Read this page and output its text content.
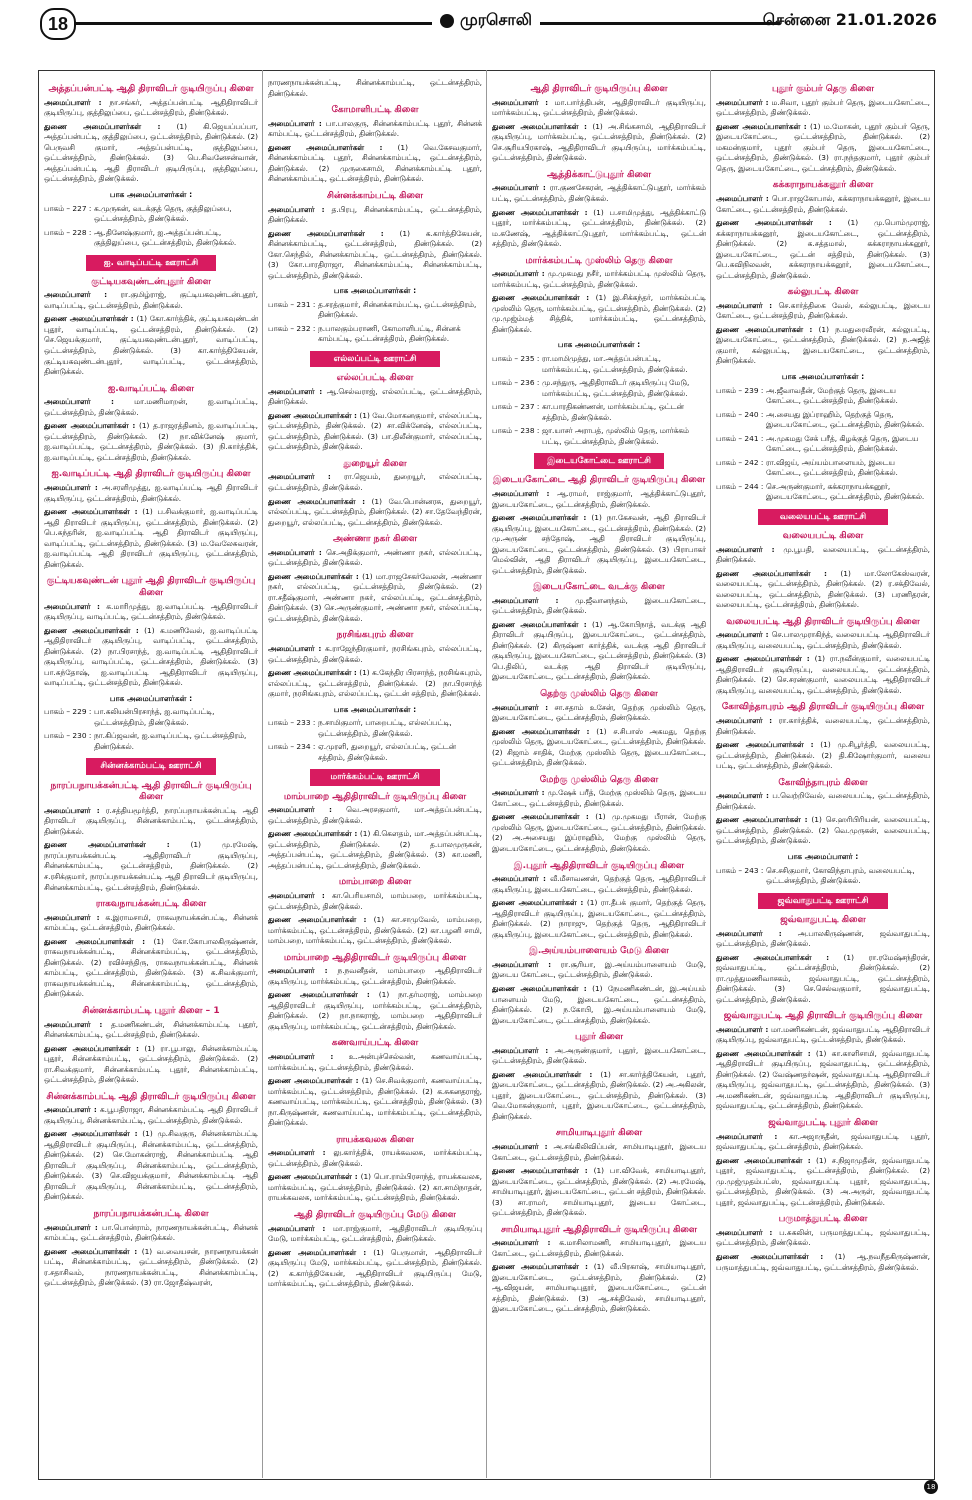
18	முரசொலி	சென்னை 21.01.2026
அத்தப்பன்பட்டி ஆதி திராவிடர் குடியிருப்பு கிளை

அமைப்பாளர் : நா.சங்கர், அத்தப்பன்பட்டி ஆதிதிராவிடர் குடியிருப்பு, குத்திலுப்பை, ஒட்டன்சத்திரம், திண்டுக்கல்.

துணை அமைப்பாளர்கள் : (1) கி.ஜெயப்பப்பா, அத்தப்பன்பட்டி, குத்திலுப்பை, ஒட்டன்சத்திரம், திண்டுக்கல். (2) பெருவசி குமார், அத்தப்பன்பட்டி, குத்திலுப்பை, ஒட்டன்சத்திரம், திண்டுக்கல். (3) பெ.சிவனேசன்வான், அத்தப்பன்பட்டி ஆதி திராவிடர் குடியிருப்பு, குத்திலுப்பை, ஒட்டன்சத்திரம், திண்டுக்கல்.

பாக அமைப்பாளர்கள் :
பாகம் – 227 : க.முருகன், வடக்குத் தெரு, குத்திலுப்பை, ஒட்டன்சத்திரம், திண்டுக்கல்.
பாகம் – 228 : ஆ.தினேஷ்குமார், ஐ.அத்தப்பன்பட்டி, குத்திலுப்பை, ஒட்டன்சத்திரம், திண்டுக்கல்.
ஐ. வாடிப்பட்டி ஊராட்சி
குட்டியகவுண்டன்புதூர் கிளை

அமைப்பாளர் : ரா.குமிழ்ராஜ், குட்டியகவுண்டன்புதூர், வாடிப்பட்டி, ஒட்டன்சத்திரம், திண்டுக்கல்.

துணை அமைப்பாளர்கள் : (1) கோ.கார்த்திக், குட்டியகவுண்டன் புதூர், வாடிப்பட்டி, ஒட்டன்சத்திரம், திண்டுக்கல். (2) செ.ஜெயக்குமார், குட்டியகவுண்டன்புதூர், வாடிப்பட்டி, ஒட்டன்சத்திரம், திண்டுக்கல். (3) கா.கார்த்திகேயன், குட்டியகவுண்டன்புதூர், வாடிப்பட்டி, ஒட்டன்சத்திரம், திண்டுக்கல்.

ஐ.வாடிப்பட்டி கிளை

அமைப்பாளர் :	மா.மணிமாறன், ஐ.வாடிப்பட்டி, ஒட்டன்சத்திரம், திண்டுக்கல்.

துணை அமைப்பாளர்கள் : (1) த.ராஜரத்தினம், ஐ.வாடிப்பட்டி, ஒட்டன்சத்திரம், திண்டுக்கல். (2) நா.விக்னேஷ் குமார், ஐ.வாடிப்பட்டி, ஒட்டன்சத்திரம், திண்டுக்கல். (3) நி.கார்த்திக், ஐ.வாடிப்பட்டி, ஒட்டன்சத்திரம், திண்டுக்கல்.

ஐ.வாடிப்பட்டி ஆதி திராவிடர் குடியிருப்பு கிளை

அமைப்பாளர் : அ.சரளிமுத்து, ஐ.வாடிப்பட்டி ஆதி திராவிடர் குடியிருப்பு, ஒட்டன்சத்திரம், திண்டுக்கல்.

துணை அமைப்பாளர்கள் : (1) ப.சிவக்குமார், ஐ.வாடிப்பட்டி ஆதி திராவிடர் குடியிருப்பு, ஒட்டன்சத்திரம், திண்டுக்கல். (2) பெ.சுந்தரின், ஐ.வாடிப்பட்டி ஆதி திராவிடர் குடியிருப்பு, வாடிப்பட்டி, ஒட்டன்சத்திரம், திண்டுக்கல். (3) ம.வேலேசுவரன், ஐ.வாடிப்பட்டி ஆதி திராவிடர் குடியிருப்பு, ஒட்டன்சத்திரம், திண்டுக்கல்.

குட்டியகவுண்டன் புதூர் ஆதி திராவிடர் குடியிருப்பு கிளை

அமைப்பாளர் : க.மாரிமுத்து, ஐ.வாடிப்பட்டி ஆதிதிராவிடர் குடியிருப்பு, வாடிப்பட்டி, ஒட்டன்சத்திரம், திண்டுக்கல்.

துணை அமைப்பாளர்கள் : (1) க.மணிவேல், ஐ.வாடிப்பட்டி ஆதிதிராவிடர் குடியிருப்பு, வாடிப்பட்டி, ஒட்டன்சத்திரம், திண்டுக்கல். (2) நா.பிரசாந்த், ஐ.வாடிப்பட்டி ஆதிதிராவிடர் குடியிருப்பு, வாடிப்பட்டி, ஒட்டன்சத்திரம், திண்டுக்கல். (3) பா.சுந்தோஷ், ஐ.வாடிப்பட்டி ஆதிதிராவிடர் குடியிருப்பு, வாடிப்பட்டி, ஒட்டன்சத்திரம், திண்டுக்கல்.

பாக அமைப்பாளர்கள் :
பாகம் – 229 : பா.கலியன்பிரசாந்த், ஐ.வாடிப்பட்டி, ஒட்டன்சத்திரம், திண்டுக்கல்.
பாகம் – 230 : நா.கிப்ஜவன், ஐ.வாடிப்பட்டி, ஒட்டன்சத்திரம், திண்டுக்கல்.
சின்னக்காம்பட்டி ஊராட்சி
நாரப்பநாயக்கன்பட்டி ஆதி திராவிடர் குடியிருப்பு கிளை

அமைப்பாளர் : ர.சத்தியமூர்த்தி, நாரப்பநாயக்கன்பட்டி ஆதி திராவிடர் குடியிருப்பு, சின்னக்காம்பட்டி, ஒட்டன்சத்திரம், திண்டுக்கல்.

துணை அமைப்பாளர்கள் :	(1) மு.ரமேஷ், நாரப்பநாயக்கன்பட்டி ஆதிதிராவிடர் குடியிருப்பு, சின்னக்காம்பட்டி, ஒட்டன்சத்திரம், திண்டுக்கல். (2) ச.ரசிக்குமார், நாரப்பநாயக்கன்பட்டி ஆதி திராவிடர் குடியிருப்பு, சின்னக்காம்பட்டி, ஒட்டன்சத்திரம், திண்டுக்கல்.

ராகவநாயக்கன்பட்டி கிளை

அமைப்பாளர் : க.இராமசாமி, ராகவநாயக்கன்பட்டி, சின்னக் காம்பட்டி, ஒட்டன்சத்திரம், திண்டுக்கல்.

துணை அமைப்பாளர்கள் : (1) கோ.கோபாலகிருஷ்ணன், ராகவநாயக்கன்பட்டி, சின்னக்காம்பட்டி, ஒட்டன்சத்திரம், திண்டுக்கல். (2) ரவிச்சந்திரு, ராகவநாயக்கன்பட்டி, சின்னக் காம்பட்டி, ஒட்டன்சத்திரம், திண்டுக்கல். (3) க.சிவக்குமார், ராகவநாயக்கன்பட்டி, சின்னக்காம்பட்டி, ஒட்டன்சத்திரம், திண்டுக்கல்.

சின்னக்காம்பட்டி புதூர் கிளை – 1

அமைப்பாளர் : த.மணிகண்டன், சின்னக்காம்பட்டி புதூர், சின்னக்காம்பட்டி, ஒட்டன்சத்திரம், திண்டுக்கல்.

துணை அமைப்பாளர்கள் : (1) ரா.பூபாலு, சின்னக்காம்பட்டி புதூர், சின்னக்காம்பட்டி, ஒட்டன்சத்திரம், திண்டுக்கல். (2) ரா.சிவக்குமார், சின்னக்காம்பட்டி புதூர், சின்னக்காம்பட்டி, ஒட்டன்சத்திரம், திண்டுக்கல்.

சின்னக்காம்பட்டி ஆதி திராவிடர் குடியிருப்பு கிளை

அமைப்பாளர் : க.பூபதிராஜா, சின்னக்காம்பட்டி ஆதி திராவிடர் குடியிருப்பு, சின்னக்காம்பட்டி, ஒட்டன்சத்திரம், திண்டுக்கல்.

துணை அமைப்பாளர்கள் : (1) மு.சிவகுரு, சின்னக்காம்பட்டி ஆதிதிராவிடர் குடியிருப்பு, சின்னக்காம்பட்டி, ஒட்டன்சத்திரம், திண்டுக்கல். (2) செ.மோகன்ராஜ், சின்னக்காம்பட்டி ஆதி திராவிடர் குடியிருப்பு, சின்னக்காம்பட்டி, ஒட்டன்சத்திரம், திண்டுக்கல். (3) செ.விஜயக்குமார், சின்னக்காம்பட்டி ஆதி திராவிடர் குடியிருப்பு, சின்னக்காம்பட்டி, ஒட்டன்சத்திரம், திண்டுக்கல்.

நாரப்பநாயக்கன்பட்டி கிளை

அமைப்பாளர் : பா.பொன்ராம், நாரணநாயக்கன்பட்டி, சின்னக் காம்பட்டி, ஒட்டன்சத்திரம், திண்டுக்கல்.

துணை அமைப்பாளர்கள் : (1) வ.வையசன், நாரணநாயக்கன் பட்டி, சின்னக்காம்பட்டி, ஒட்டன்சத்திரம், திண்டுக்கல். (2) ர.சதாசிவம், நாரணநாயக்கன்பட்டி, சின்னக்காம்பட்டி, ஒட்டன்சத்திரம், திண்டுக்கல். (3) ரா.ஜோதீஷ்வரன்,

நாரணநாயக்கன்பட்டி, சின்னக்காம்பட்டி, ஒட்டன்சத்திரம், திண்டுக்கல்.

கோமாளிபட்டி கிளை

அமைப்பாளர் : பா.பாலகுரு, சின்னக்காம்பட்டி புதூர், சின்னக் காம்பட்டி, ஒட்டன்சத்திரம், திண்டுக்கல்.

துணை அமைப்பாளர்கள் : (1) வெ.கேசவகுமார், சின்னக்காம்பட்டி புதூர், சின்னக்காம்பட்டி, ஒட்டன்சத்திரம், திண்டுக்கல். (2) முருகைசாமி, சின்னக்காம்பட்டி புதூர், சின்னக்காம்பட்டி, ஒட்டன்சத்திரம், திண்டுக்கல்.

சின்னக்காம்பட்டி கிளை

அமைப்பாளர் : த.பிரபு, சின்னக்காம்பட்டி, ஒட்டன்சத்திரம், திண்டுக்கல்.

துணை அமைப்பாளர்கள் : (1) க.கார்த்திகேயன், சின்னக்காம்பட்டி, ஒட்டன்சத்திரம், திண்டுக்கல். (2) கோ.செந்தில், சின்னக்காம்பட்டி, ஒட்டன்சத்திரம், திண்டுக்கல். (3) கோ.பாரதிராஜா, சின்னக்காம்பட்டி, சின்னக்காம்பட்டி, ஒட்டன்சத்திரம், திண்டுக்கல்.

பாக அமைப்பாளர்கள் :
பாகம் – 231 : த.சரத்குமார், சின்னக்காம்பட்டி, ஒட்டன்சத்திரம், திண்டுக்கல்.
பாகம் – 232 : ந.பாலகும்பராணி, கோமாளிபட்டி, சின்னக் காம்பட்டி, ஒட்டன்சத்திரம், திண்டுக்கல்.
எல்லப்பட்டி ஊராட்சி
எல்லப்பட்டி கிளை

அமைப்பாளர் : ஆ.செல்வராஜ், எல்லப்பட்டி, ஒட்டன்சத்திரம், திண்டுக்கல்.

துணை அமைப்பாளர்கள் : (1) வே.மோகனகுமார், எல்லப்பட்டி, ஒட்டன்சத்திரம், திண்டுக்கல். (2) சா.விக்னேஷ், எல்லப்பட்டி, ஒட்டன்சத்திரம், திண்டுக்கல். (3) பா.திலீன்குமார், எல்லப்பட்டி, ஒட்டன்சத்திரம், திண்டுக்கல்.

துறையூர் கிளை

அமைப்பாளர் : ரா.ஜெயம், துறையூர், எல்லப்பட்டி, ஒட்டன்சத்திரம், திண்டுக்கல்.

துணை அமைப்பாளர்கள் : (1) வே.பொன்னரசு, துறையூர், எல்லப்பட்டி, ஒட்டன்சத்திரம், திண்டுக்கல். (2) சா.தேவேந்திரன், துறையூர், எல்லப்பட்டி, ஒட்டன்சத்திரம், திண்டுக்கல்.

அண்ணா நகர் கிளை

அமைப்பாளர் : செ.அதிக்குமார், அண்ணா நகர், எல்லப்பட்டி, ஒட்டன்சத்திரம், திண்டுக்கல்.

துணை அமைப்பாளர்கள் : (1) மா.ராஜசேகர்வேலன், அண்ணா நகர், எல்லப்பட்டி, ஒட்டன்சத்திரம், திண்டுக்கல். (2) ரா.சதீஷ்குமார், அண்ணா நகர், எல்லப்பட்டி, ஒட்டன்சத்திரம், திண்டுக்கல். (3) செ.அருண்குமார், அண்ணா நகர், எல்லப்பட்டி, ஒட்டன்சத்திரம், திண்டுக்கல்.

நரசிங்கபுரம் கிளை

அமைப்பாளர் : க.ராஜேந்திரகுமார், நரசிங்கபுரம், எல்லப்பட்டி, ஒட்டன்சத்திரம், திண்டுக்கல்.

துணை அமைப்பாளர்கள் : (1) க.கேந்திர பிரசாந்த், நரசிங்கபுரம், எல்லப்பட்டி, ஒட்டன்சத்திரம், திண்டுக்கல். (2) நா.பிரசாந்த் குமார், நரசிங்கபுரம், எல்லப்பட்டி, ஒட்டன் சத்திரம், திண்டுக்கல்.

பாக அமைப்பாளர்கள் :
பாகம் – 233 : ந.சாமிகுமார், பாறைபட்டி, எல்லப்பட்டி, ஒட்டன்சத்திரம், திண்டுக்கல்.
பாகம் – 234 : ஏ.முரளி, துறையூர், எல்லப்பட்டி, ஒட்டன் சத்திரம், திண்டுக்கல்.
மார்க்கம்பட்டி ஊராட்சி
மாம்பாறை ஆதிதிராவிடர் குடியிருப்பு கிளை

அமைப்பாளர் : வெ.அரசகுமார், மா.அத்தப்பன்பட்டி, ஒட்டன்சத்திரம், திண்டுக்கல்.

துணை அமைப்பாளர்கள் : (1) கி.கௌதம், மா.அத்தப்பன்பட்டி, ஒட்டன்சத்திரம், திண்டுக்கல். (2) த.பாலமுருகன், அத்தப்பன்பட்டி, ஒட்டன்சத்திரம், திண்டுக்கல். (3) கா.மணி, அத்தப்பன்பட்டி, ஒட்டன்சத்திரம், திண்டுக்கல்.

மாம்பாறை கிளை

அமைப்பாளர் : கா.பெரியசாமி, மாம்பறை, மார்க்கம்பட்டி, ஒட்டன்சத்திரம், திண்டுக்கல்.

துணை அமைப்பாளர்கள் : (1) கா.சாமுவேல், மாம்பறை, மார்க்கம்பட்டி, ஒட்டன்சத்திரம், திண்டுக்கல். (2) கா.பழனி சாமி, மாம்பறை, மார்க்கம்பட்டி, ஒட்டன்சத்திரம், திண்டுக்கல்.

மாம்பாறை ஆதிதிராவிடர் குடியிருப்பு கிளை

அமைப்பாளர் : ந.நவனீதன், மாம்பாறை ஆதிதிராவிடர் குடியிருப்பு, மார்க்கம்பட்டி, ஒட்டன்சத்திரம், திண்டுக்கல்.

துணை அமைப்பாளர்கள் : (1) நா.தர்மராஜ், மாம்பறை ஆதிதிராவிடர் குடியிருப்பு, மார்க்கம்பட்டி, ஒட்டன்சத்திரம், திண்டுக்கல். (2) நா.நாகராஜ், மாம்பறை ஆதிதிராவிடர் குடியிருப்பு, மார்க்கம்பட்டி, ஒட்டன்சத்திரம், திண்டுக்கல்.

கணவாய்பட்டி கிளை

அமைப்பாளர் : உ.அன்புச்செல்வன், கணவாய்பட்டி, மார்க்கம்பட்டி, ஒட்டன்சத்திரம், திண்டுக்கல்.

துணை அமைப்பாளர்கள் : (1) செ.சிவக்குமார், கணவாய்பட்டி, மார்க்கம்பட்டி, ஒட்டன்சத்திரம், திண்டுக்கல். (2) க.சுகனதராஜ், கணவாய்பட்டி, மார்க்கம்பட்டி, ஒட்டன்சத்திரம், திண்டுக்கல். (3) நா.கிருஷ்ணன், கணவாய்பட்டி, மார்க்கம்பட்டி, ஒட்டன்சத்திரம், திண்டுக்கல்.

ராயக்கவலசு கிளை

அமைப்பாளர் : லு.கார்த்திக், ராயக்கவலசு, மார்க்கம்பட்டி, ஒட்டன்சத்திரம், திண்டுக்கல்.

துணை அமைப்பாளர்கள் : (1) பொ.ராம்பிரசாந்த், ராயக்கவலசு, மார்க்கம்பட்டி, ஒட்டன்சத்திரம், திண்டுக்கல். (2) கா.சாமிநாதன், ராயக்கவலசு, மார்க்கம்பட்டி, ஒட்டன்சத்திரம், திண்டுக்கல்.

ஆதி திராவிடர் குடியிருப்பு மேடு கிளை

அமைப்பாளர் : மா.ராஜ்குமார், ஆதிதிராவிடர் குடியிருப்பு மேடு, மார்க்கம்பட்டி, ஒட்டன்சத்திரம், திண்டுக்கல்.

துணை அமைப்பாளர்கள் : (1) பெருமாள், ஆதிதிராவிடர் குடியிருப்பு மேடு, மார்க்கம்பட்டி, ஒட்டன்சத்திரம், திண்டுக்கல். (2) க.கார்த்திகேயன், ஆதிதிராவிடர் குடியிருப்பு மேடு, மார்க்கம்பட்டி, ஒட்டன்சத்திரம், திண்டுக்கல்.

ஆதி திராவிடர் குடியிருப்பு கிளை

அமைப்பாளர் : மா.பார்த்திபன், ஆதிதிராவிடர் குடியிருப்பு, மார்க்கம்பட்டி, ஒட்டன்சத்திரம், திண்டுக்கல்.

துணை அமைப்பாளர்கள் : (1) அ.சிங்கசாமி, ஆதிதிராவிடர் குடியிருப்பு, மார்க்கம்பட்டி, ஒட்டன்சத்திரம், திண்டுக்கல். (2) செ.சூரியபிரகாஷ், ஆதிதிராவிடர் குடியிருப்பு, மார்க்கம்பட்டி, ஒட்டன்சத்திரம், திண்டுக்கல்.

ஆத்திக்காட்டுபுதூர் கிளை

அமைப்பாளர் : ரா.குணசேகரன், ஆத்திக்காட்டுபுதூர், மார்க்கம் பட்டி, ஒட்டன்சத்திரம், திண்டுக்கல்.

துணை அமைப்பாளர்கள் : (1) ப.சாமிமுத்து, ஆத்திக்காட்டு புதூர், மார்க்கம்பட்டி, ஒட்டன்சத்திரம், திண்டுக்கல். (2) ம.கணேஷ், ஆத்திக்காட்டுபுதூர், மார்க்கம்பட்டி, ஒட்டன் சத்திரம், திண்டுக்கல்.

மார்க்கம்பட்டி முஸ்லிம் தெரு கிளை

அமைப்பாளர் : மு.முகமது நசீர், மார்க்கம்பட்டி முஸ்லிம் தெரு, மார்க்கம்பட்டி, ஒட்டன்சத்திரம், திண்டுக்கல்.

துணை அமைப்பாளர்கள் : (1) இ.சிக்கந்தர், மார்க்கம்பட்டி முஸ்லிம் தெரு, மார்க்கம்பட்டி, ஒட்டன்சத்திரம், திண்டுக்கல். (2) மு.முஜ்ம்மத் சித்திக், மார்க்கம்பட்டி, ஒட்டன்சத்திரம், திண்டுக்கல்.

பாக அமைப்பாளர்கள் :
பாகம் – 235 : ரா.மாமிமுத்து, மா.அத்தப்பன்பட்டி, மார்க்கம்பட்டி, ஒட்டன்சத்திரம், திண்டுக்கல்.
பாகம் – 236 : மு.சந்துரு, ஆதிதிராவிடர் குடியிருப்பு மேடு, மார்க்கம்பட்டி, ஒட்டன்சத்திரம், திண்டுக்கல்.
பாகம் – 237 : கா.பாரதிகண்ணன், மார்க்கம்பட்டி, ஒட்டன் சத்திரம், திண்டுக்கல்.
பாகம் – 238 : ஜா.யாசர் அராபத், முஸ்லிம் தெரு, மார்க்கம் பட்டி, ஒட்டன்சத்திரம், திண்டுக்கல்.
இடையகோட்டை ஊராட்சி
இடையகோட்டை ஆதி திராவிடர் குடியிருப்பு கிளை

அமைப்பாளர் : ஆ.ராமர், ராஜ்குமார், ஆத்திக்காட்டுபுதூர், இடையகோட்டை, ஒட்டன்சத்திரம், திண்டுக்கல்.

துணை அமைப்பாளர்கள் : (1) நா.கேசவன், ஆதி திராவிடர் குடியிருப்பு, இடையகோட்டை, ஒட்டன்சத்திரம், திண்டுக்கல். (2) மு.அருண் சந்தோஷ், ஆதி திராவிடர் குடியிருப்பு, இடையகோட்டை, ஒட்டன்சத்திரம், திண்டுக்கல். (3) பிராபாகர் மெல்வின், ஆதி திராவிடர் குடியிருப்பு, இடையகோட்டை, ஒட்டன்சத்திரம், திண்டுக்கல்.

இடையகோட்டை வடக்கு கிளை

அமைப்பாளர் : மு.ஜீவானந்தம், இடையகோட்டை, ஒட்டன்சத்திரம், திண்டுக்கல்.

துணை அமைப்பாளர்கள் : (1) ஆ.கோபிநாத், வடக்கு ஆதி திராவிடர் குடியிருப்பு, இடையகோட்டை, ஒட்டன்சத்திரம், திண்டுக்கல். (2) கிருஷ்ண கார்த்திக், வடக்கு ஆதி திராவிடர் குடியிருப்பு, இடையகோட்டை, ஒட்டன்சத்திரம், திண்டுக்கல். (3) பெ.திலிப், வடக்கு ஆதி திராவிடர் குடியிருப்பு, இடையகோட்டை, ஒட்டன்சத்திரம், திண்டுக்கல்.

தெற்கு முஸ்லிம் தெரு கிளை

அமைப்பாளர் : சா.சதாம் உசேன், தெற்கு முஸ்லிம் தெரு, இடையகோட்டை, ஒட்டன்சத்திரம், திண்டுக்கல்.

துணை அமைப்பாளர்கள் : (1) ச.சிபாஸ் அகமது, தெற்கு முஸ்லிம் தெரு, இடையகோட்டை, ஒட்டன்சத்திரம், திண்டுக்கல். (2) சிஜாம் சாதிக், மேற்கு முஸ்லிம் தெரு, இடையகோட்டை, ஒட்டன்சத்திரம், திண்டுக்கல்.

மேற்கு முஸ்லிம் தெரு கிளை

அமைப்பாளர் : மு.ஷேக் பரீத், மேற்கு முஸ்லிம் தெரு, இடைய கோட்டை, ஒட்டன்சத்திரம், திண்டுக்கல்.

துணை அமைப்பாளர்கள் : (1) மு.முகமது பீரான், மேற்கு முஸ்லிம் தெரு, இடையகோட்டை, ஒட்டன்சத்திரம், திண்டுக்கல். (2) அ.அசையது இப்ராஹிம், மேற்கு முஸ்லிம் தெரு, இடையகோட்டை, ஒட்டன்சத்திரம், திண்டுக்கல்.

இ.புதூர் ஆதிதிராவிடர் குடியிருப்பு கிளை

அமைப்பாளர் : வீ.மீசாவணன், தெற்குத் தெரு, ஆதிதிராவிடர் குடியிருப்பு, இடையகோட்டை, ஒட்டன்சத்திரம், திண்டுக்கல்.

துணை அமைப்பாளர்கள் : (1) ரா.தீபக் குமார், தெற்குத் தெரு, ஆதிதிராவிடர் குடியிருப்பு, இடையகோட்டை, ஒட்டன்சத்திரம், திண்டுக்கல். (2) நாராஜு, தெற்குத் தெரு, ஆதிதிராவிடர் குடியிருப்பு, இடையகோட்டை, ஒட்டன்சத்திரம், திண்டுக்கல்.

இ.அய்யம்பாளையம் மேடு கிளை

அமைப்பாளர் : ரா.சூரியா, இ.அய்யம்பாளையம் மேடு, இடைய கோட்டை, ஒட்டன்சத்திரம், திண்டுக்கல்.

துணை அமைப்பாளர்கள் : (1) நேமணிகண்டன், இ.அய்யம் பாளையம் மேடு, இடையகோட்டை, ஒட்டன்சத்திரம், திண்டுக்கல். (2) ந.கோபி, இ.அய்யம்பாளையம் மேடு, இடையகோட்டை, ஒட்டன்சத்திரம், திண்டுக்கல்.

புதூர் கிளை

அமைப்பாளர் : அ.அருண்குமார், புதூர், இடையகோட்டை, ஒட்டன்சத்திரம், திண்டுக்கல்.

துணை அமைப்பாளர்கள் : (1) சா.கார்த்திகேயன், புதூர், இடையகோட்டை, ஒட்டன்சத்திரம், திண்டுக்கல். (2) அ.அகிலன், புதூர், இடையகோட்டை, ஒட்டன்சத்திரம், திண்டுக்கல். (3) வெ.மோகன்குமார், புதூர், இடையகோட்டை, ஒட்டன்சத்திரம், திண்டுக்கல்.

சாமியாடிபுதூர் கிளை

அமைப்பாளர் : அ.சங்கிலிவிப்பன், சாமியாடிபுதூர், இடைய கோட்டை, ஒட்டன்சத்திரம், திண்டுக்கல்.

துணை அமைப்பாளர்கள் : (1) பா.விவேக், சாமியாடிபுதூர், இடையகோட்டை, ஒட்டன்சத்திரம், திண்டுக்கல். (2) அ.ரமேஷ், சாமியாடிபுதூர், இடையகோட்டை, ஒட்டன் சத்திரம், திண்டுக்கல். (3) சா.ராமர், சாமியாடிபுதூர், இடைய கோட்டை, ஒட்டன்சத்திரம், திண்டுக்கல்.

சாமியாடிபுதூர் ஆதிதிராவிடர் குடியிருப்பு கிளை

அமைப்பாளர் : க.மாசிலாமணி, சாமியாடிபுதூர், இடைய கோட்டை, ஒட்டன்சத்திரம், திண்டுக்கல்.

துணை அமைப்பாளர்கள் : (1) வீ.பிரகாஷ், சாமியாடிபுதூர், இடையகோட்டை, ஒட்டன்சத்திரம், திண்டுக்கல். (2) ஆ.விஜயன், சாமியாடிபுதூர், இடையகோட்டை, ஒட்டன் சத்திரம், திண்டுக்கல். (3) ஆ.சக்திவேல், சாமியாடிபுதூர், இடையகோட்டை, ஒட்டன்சத்திரம், திண்டுக்கல்.

புதூர் கும்பர் தெரு கிளை

அமைப்பாளர் : ம.சிவா, புதூர் கும்பர் தெரு, இடையகோட்டை, ஒட்டன்சத்திரம், திண்டுக்கல்.

துணை அமைப்பாளர்கள் : (1) ம.மோகன், புதூர் கும்பர் தெரு, இடையகோட்டை, ஒட்டன்சத்திரம், திண்டுக்கல். (2) மகமன்குமார், புதூர் கும்பர் தெரு, இடையகோட்டை, ஒட்டன்சத்திரம், திண்டுக்கல். (3) ரா.நந்தகுமார், புதூர் கும்பர் தெரு, இடையகோட்டை, ஒட்டன்சத்திரம், திண்டுக்கல்.

கக்கராநாயக்கனூர் கிளை

அமைப்பாளர் : பொ.ராஜகோபால், கக்கராநாயக்கனூர், இடைய கோட்டை, ஒட்டன்சத்திரம், திண்டுக்கல்.

துணை அமைப்பாளர்கள் : (1) மு.பொம்முராஜ், கக்கராநாயக்கனூர், இடையகோட்டை, ஒட்டன்சத்திரம், திண்டுக்கல். (2) க.சத்தமால், கக்கராநாயக்கனூர், இடையகோட்டை, ஒட்டன் சத்திரம், திண்டுக்கல். (3) பெ.கவிநிலவன், கக்கராநாயக்கனூர், இடையகோட்டை, ஒட்டன்சத்திரம், திண்டுக்கல்.

கல்லுபட்டி கிளை

அமைப்பாளர் : செ.கார்த்திகை வேல், கல்லுபட்டி, இடைய கோட்டை, ஒட்டன்சத்திரம், திண்டுக்கல்.

துணை அமைப்பாளர்கள் : (1) ந.மதுரைவீரன், கல்லுபட்டி, இடையகோட்டை, ஒட்டன்சத்திரம், திண்டுக்கல். (2) ந.அஜித் குமார், கல்லுபட்டி, இடையகோட்டை, ஒட்டன்சத்திரம், திண்டுக்கல்.

பாக அமைப்பாளர்கள் :
பாகம் – 239 : அ.ஜீவாவதீன், மேற்குத் தெரு, இடைய கோட்டை, ஒட்டன்சத்திரம், திண்டுக்கல்.
பாகம் – 240 : அ.சையது இப்ராஹிம், தெற்குத் தெரு, இடையகோட்டை, ஒட்டன்சத்திரம், திண்டுக்கல்.
பாகம் – 241 : அ.முகமது சேக் பரீத், கிழக்குத் தெரு, இடைய கோட்டை, ஒட்டன்சத்திரம், திண்டுக்கல்.
பாகம் – 242 : ரா.விஜய், அய்யம்பாளையம், இடைய கோட்டை, ஒட்டன்சத்திரம், திண்டுக்கல்.
பாகம் – 244 : செ.அருண்குமார், கக்கராநாயக்கனூர், இடையகோட்டை, ஒட்டன்சத்திரம், திண்டுக்கல்.
வலையபட்டி ஊராட்சி
வலையபட்டி கிளை

அமைப்பாளர் : மு.பூபதி, வலையபட்டி, ஒட்டன்சத்திரம், திண்டுக்கல்.

துணை அமைப்பாளர்கள் : (1) மா.லோகேஸ்வரன், வலையபட்டி, ஒட்டன்சத்திரம், திண்டுக்கல். (2) ர.சக்திவேல், வலையபட்டி, ஒட்டன்சத்திரம், திண்டுக்கல். (3) பரணிதரன், வலையபட்டி, ஒட்டன்சத்திரம், திண்டுக்கல்.

வலையபட்டி ஆதி திராவிடர் குடியிருப்பு கிளை

அமைப்பாளர் : செ.பாலமுராகிந்த், வலையபட்டி ஆதிதிராவிடர் குடியிருப்பு, வலையபட்டி, ஒட்டன்சத்திரம், திண்டுக்கல்.

துணை அமைப்பாளர்கள் : (1) ரா.நவீன்குமார், வலையபட்டி ஆதிதிராவிடர் குடியிருப்பு, வலையபட்டி, ஒட்டன்சத்திரம், திண்டுக்கல். (2) செ.சரண்குமார், வலையபட்டி ஆதிதிராவிடர் குடியிருப்பு, வலையபட்டி, ஒட்டன்சத்திரம், திண்டுக்கல்.

கோவிந்தாபுரம் ஆதி திராவிடர் குடியிருப்பு கிளை

அமைப்பாளர் : ரா.கார்த்திக், வலையபட்டி, ஒட்டன்சத்திரம், திண்டுக்கல்.

துணை அமைப்பாளர்கள் : (1) மு.சிபூர்த்தி, வலையபட்டி, ஒட்டன்சத்திரம், திண்டுக்கல். (2) தி.கிஷோர்குமார், வலைய பட்டி, ஒட்டன்சத்திரம், திண்டுக்கல்.

கோவிந்தாபுரம் கிளை

அமைப்பாளர் : ப.வெற்றிவேல், வலையபட்டி, ஒட்டன்சத்திரம், திண்டுக்கல்.

துணை அமைப்பாளர்கள் : (1) செ.ஹரிபிரியன், வலையபட்டி, ஒட்டன்சத்திரம், திண்டுக்கல். (2) வெ.முருகன், வலையபட்டி, ஒட்டன்சத்திரம், திண்டுக்கல்.

பாக அமைப்பாளர் :
பாகம் – 243 : செ.சசிகுமார், கோவிந்தாபுரம், வலையபட்டி, ஒட்டன்சத்திரம், திண்டுக்கல்.
ஜவ்வாதுபட்டி ஊராட்சி
ஜவ்வாதுபட்டி கிளை

அமைப்பாளர் : அ.பாலகிருஷ்ணன், ஜவ்வாதுபட்டி, ஒட்டன்சத்திரம், திண்டுக்கல்.

துணை அமைப்பாளர்கள் : (1) ரா.ரமேஷ்சந்திரன், ஜவ்வாதுபட்டி, ஒட்டன்சத்திரம், திண்டுக்கல். (2) ரா.முத்துமணிவாசகம், ஜவ்வாதுபட்டி, ஒட்டன்சத்திரம், திண்டுக்கல். (3) செ.செல்வகுமார், ஜவ்வாதுபட்டி, ஒட்டன்சத்திரம், திண்டுக்கல்.

ஜவ்வாதுபட்டி ஆதி திராவிடர் குடியிருப்பு கிளை

அமைப்பாளர் : மா.மணிகண்டன், ஜவ்வாதுபட்டி ஆதிதிராவிடர் குடியிருப்பு, ஜவ்வாதுபட்டி, ஒட்டன்சத்திரம், திண்டுக்கல்.

துணை அமைப்பாளர்கள் : (1) கா.காளிசாமி, ஜவ்வாதுபட்டி ஆதிதிராவிடர் குடியிருப்பு, ஜவ்வாதுபட்டி, ஒட்டன்சத்திரம், திண்டுக்கல். (2) வேஷ்ணதர்ஷன், ஜவ்வாதுபட்டி ஆதிதிராவிடர் குடியிருப்பு, ஜவ்வாதுபட்டி, ஒட்டன்சத்திரம், திண்டுக்கல். (3) அ.மணிகண்டன், ஜவ்வாதுபட்டி ஆதிதிராவிடர் குடியிருப்பு, ஜவ்வாதுபட்டி, ஒட்டன்சத்திரம், திண்டுக்கல்.

ஜவ்வாதுபட்டி புதூர் கிளை

அமைப்பாளர் : கா.அஜாருதீன், ஜவ்வாதுபட்டி புதூர், ஜவ்வாதுபட்டி, ஒட்டன்சத்திரம், திண்டுக்கல்.

துணை அமைப்பாளர்கள் : (1) ச.நிஜாமுதீன், ஜவ்வாதுபட்டி புதூர், ஜவ்வாதுபட்டி, ஒட்டன்சத்திரம், திண்டுக்கல். (2) மு.முஜ்முதம்பட்ஸ், ஜவ்வாதுபட்டி புதூர், ஜவ்வாதுபட்டி, ஒட்டன்சத்திரம், திண்டுக்கல். (3) அ.அருள், ஜவ்வாதுபட்டி புதூர், ஜவ்வாதுபட்டி, ஒட்டன்சத்திரம், திண்டுக்கல்.

பருமாத்துபட்டி கிளை

அமைப்பாளர் : ப.சுகலின், பருமாத்துபட்டி, ஜவ்வாதுபட்டி, ஒட்டன்சத்திரம், திண்டுக்கல்.

துணை அமைப்பாளர்கள் : (1) ஆ.நவநீதகிருஷ்ணன், பருமாத்துபட்டி, ஜவ்வாதுபட்டி, ஒட்டன்சத்திரம், திண்டுக்கல்.

18
